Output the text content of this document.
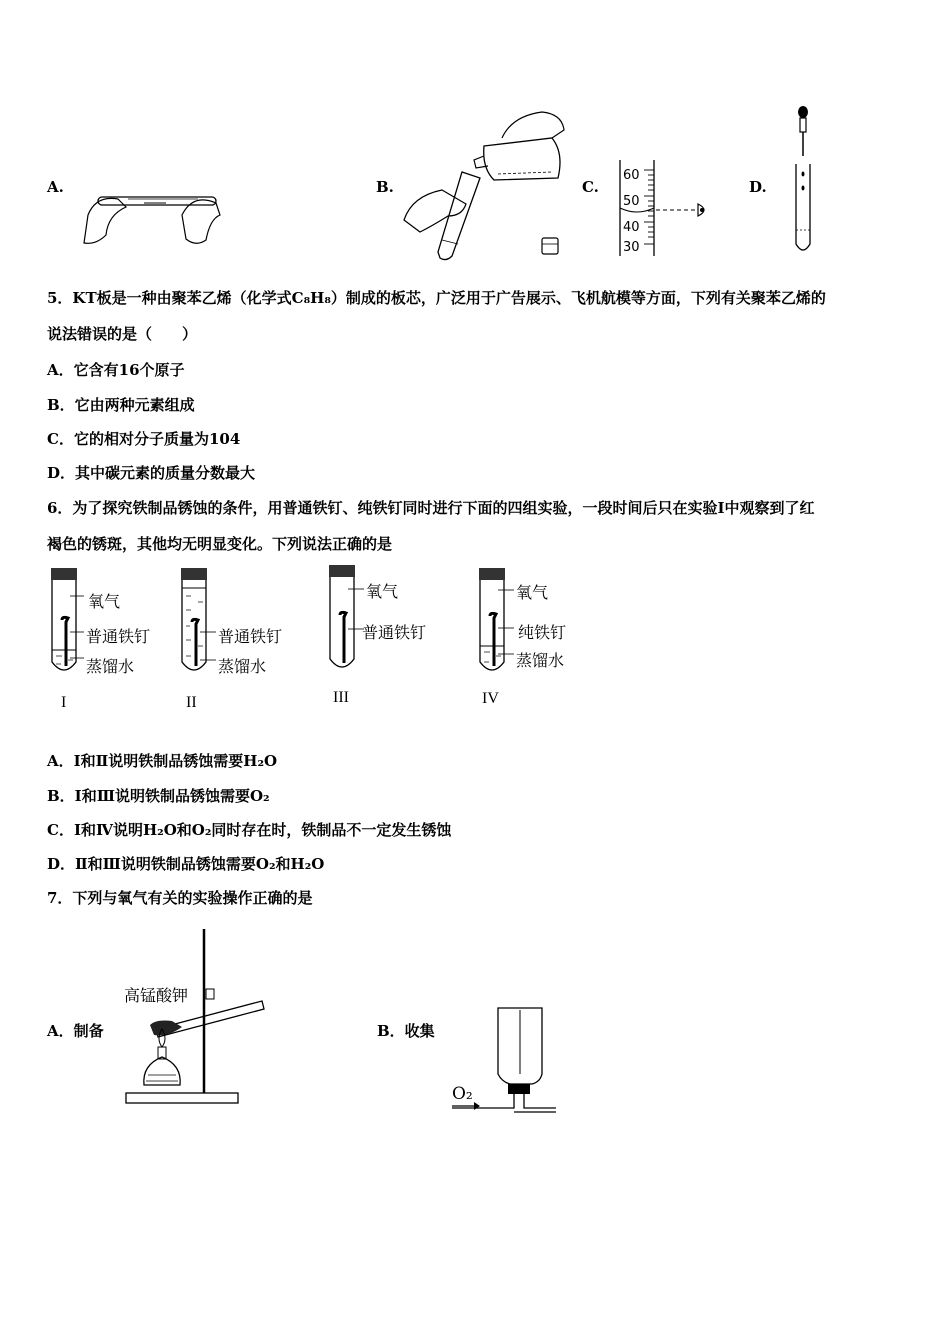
A.	B.	C.
60
50
40
30
D.
5．KT板是一种由聚苯乙烯（化学式C₈H₈）制成的板芯，广泛用于广告展示、飞机航模等方面，下列有关聚苯乙烯的
说法错误的是（　　）
A．它含有16个原子
B．它由两种元素组成
C．它的相对分子质量为104
D．其中碳元素的质量分数最大
6．为了探究铁制品锈蚀的条件，用普通铁钉、纯铁钉同时进行下面的四组实验，一段时间后只在实验I中观察到了红
褐色的锈斑，其他均无明显变化。下列说法正确的是
氧气
普通铁钉
蒸馏水
I
普通铁钉
蒸馏水
II
氧气
普通铁钉
III
氧气
纯铁钉
蒸馏水
IV
A．I和Ⅱ说明铁制品锈蚀需要H₂O
B．I和Ⅲ说明铁制品锈蚀需要O₂
C．I和Ⅳ说明H₂O和O₂同时存在时，铁制品不一定发生锈蚀
D．Ⅱ和Ⅲ说明铁制品锈蚀需要O₂和H₂O
7．下列与氧气有关的实验操作正确的是
A．制备
高锰酸钾
B．收集
O₂
